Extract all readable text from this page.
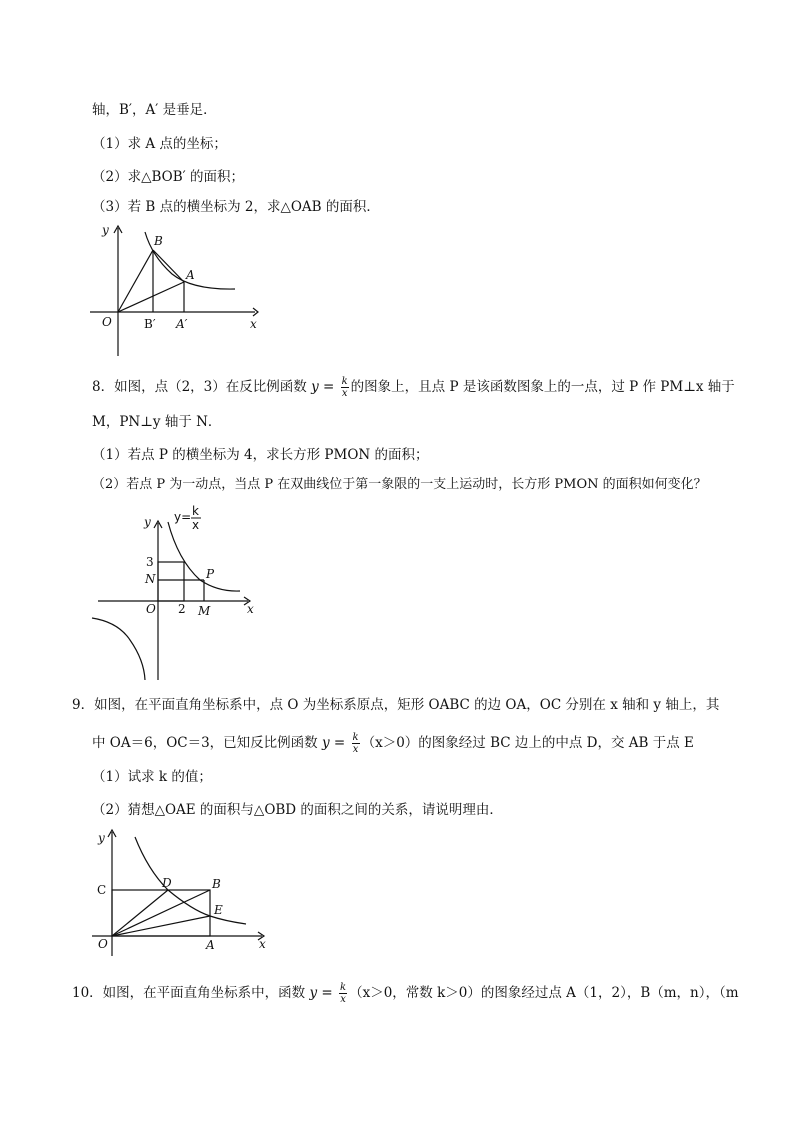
轴，B′，A′ 是垂足．
（1）求 A 点的坐标；
（2）求△BOB′ 的面积；
（3）若 B 点的横坐标为 2，求△OAB 的面积．
y
x
O
B
A
B′ A′
8．如图，点（2，3）在反比例函数 $y = \frac{k}{x}$ 的图象上，且点 P 是该函数图象上的一点，过 P 作 PM⊥x 轴于
M，PN⊥y 轴于 N．
（1）若点 P 的横坐标为 4，求长方形 PMON 的面积；
（2）若点 P 为一动点，当点 P 在双曲线位于第一象限的一支上运动时，长方形 PMON 的面积如何变化？
y y= k
x
3
N	P
O 2 M	x
9．如图，在平面直角坐标系中，点 O 为坐标系原点，矩形 OABC 的边 OA，OC 分别在 x 轴和 y 轴上，其
中 OA＝6，OC＝3，已知反比例函数 $y = \frac{k}{x} (x>0)$的图象经过 BC 边上的中点 D，交 AB 于点 E
（1）试求 k 的值；
（2）猜想△OAE 的面积与△OBD 的面积之间的关系，请说明理由．
y
C	D	B
E
O	A	x
10．如图，在平面直角坐标系中，函数 $y = \frac{k}{x} (x>0$，常数 k＞0）的图象经过点 A（1，2），B（m，n），（m
